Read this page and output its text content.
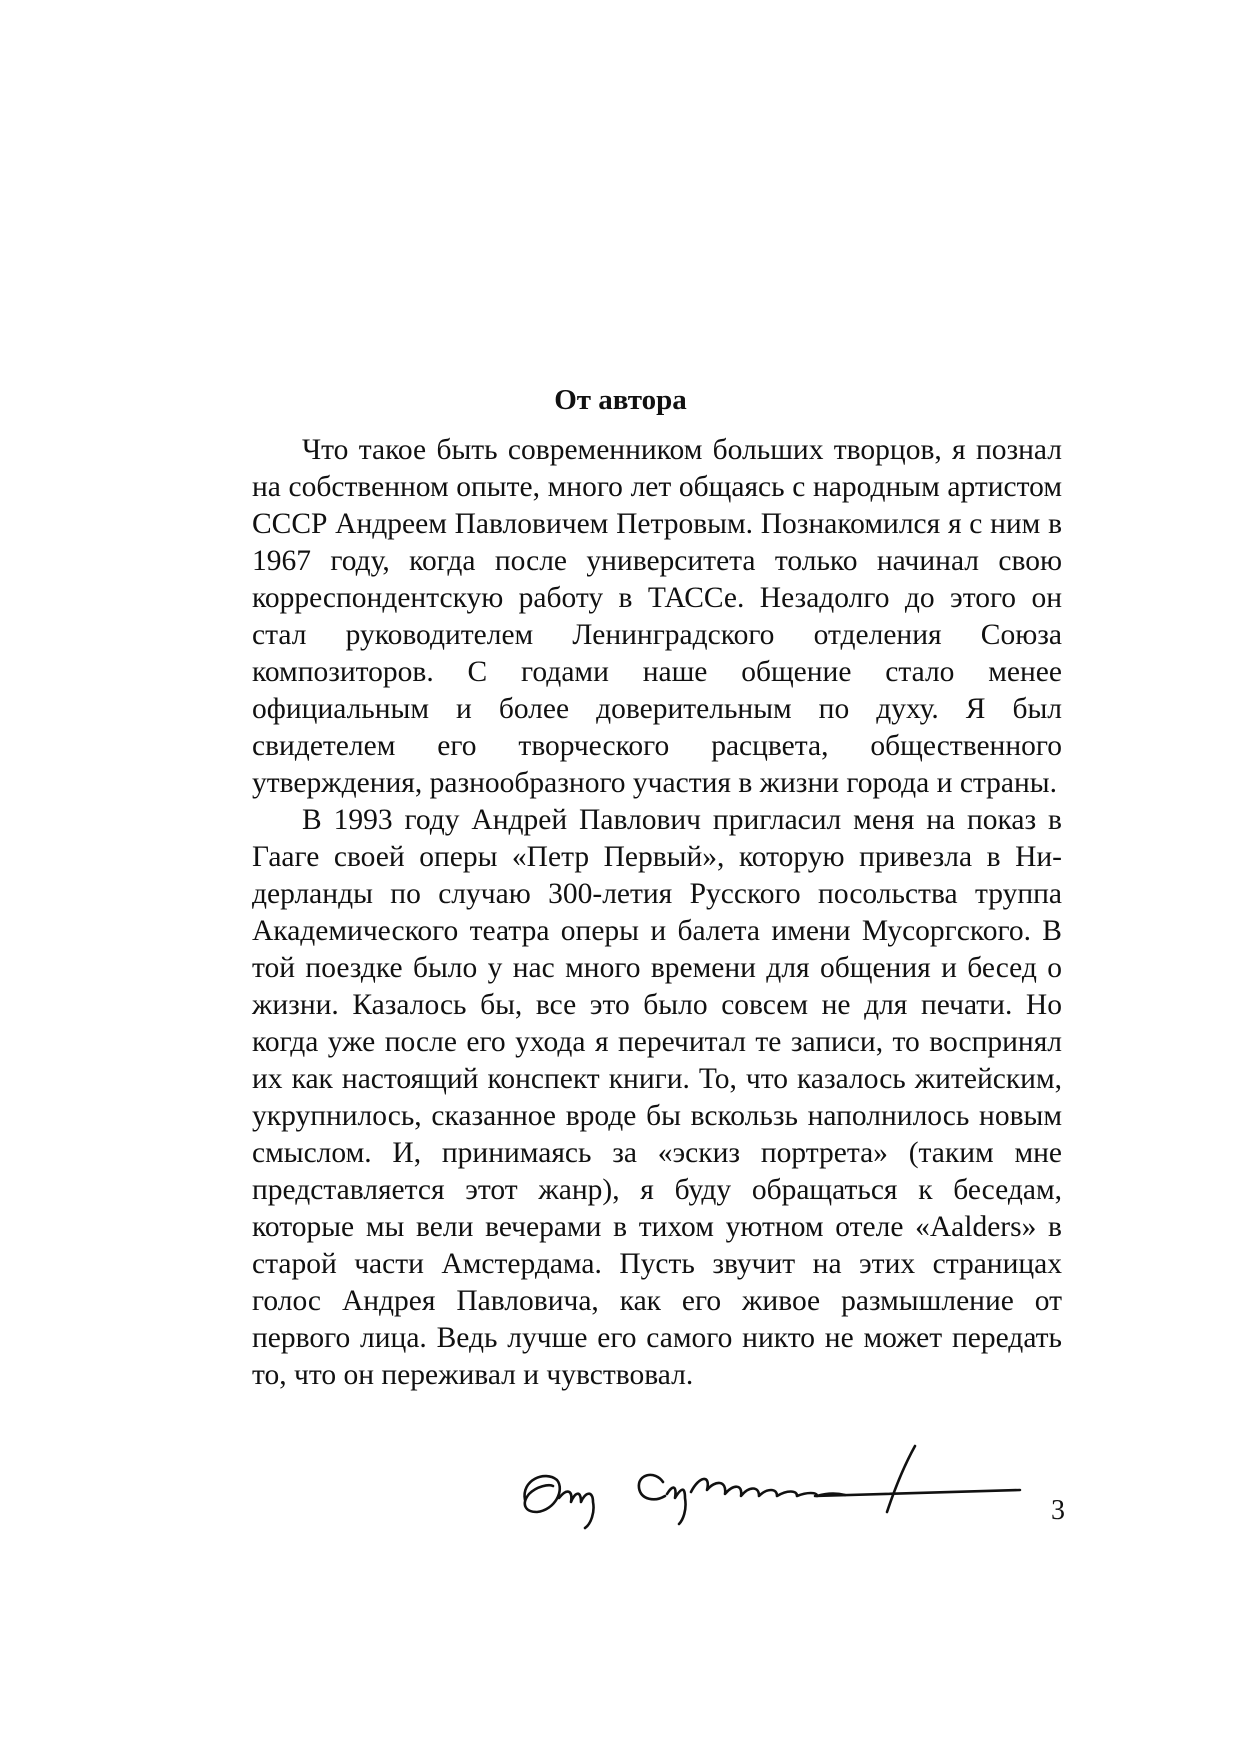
От автора

Что такое быть современником больших творцов, я познал на собственном опыте, много лет общаясь с народным артистом СССР Андреем Павловичем Петровым. Познакомился я с ним в 1967 году, когда после университета только начинал свою корреспондентскую работу в ТАССе. Незадолго до этого он стал руководителем Ленинградского отделения Союза композиторов. С годами наше общение стало менее официальным и более доверительным по духу. Я был свидетелем его творческого расцвета, общественного утверждения, разнообразного участия в жизни города и страны.

В 1993 году Андрей Павлович пригласил меня на показ в Гааге своей оперы «Петр Первый», которую привезла в Нидерланды по случаю 300-летия Русского посольства труппа Академического театра оперы и балета имени Мусоргского. В той поездке было у нас много времени для общения и бесед о жизни. Казалось бы, все это было совсем не для печати. Но когда уже после его ухода я перечитал те записи, то воспринял их как настоящий конспект книги. То, что казалось житейским, укрупнилось, сказанное вроде бы вскользь наполнилось новым смыслом. И, принимаясь за «эскиз портрета» (таким мне представляется этот жанр), я буду обращаться к беседам, которые мы вели вечерами в тихом уютном отеле «Aalders» в старой части Амстердама. Пусть звучит на этих страницах голос Андрея Павловича, как его живое размышление от первого лица. Ведь лучше его самого никто не может передать то, что он переживал и чувствовал.

3
